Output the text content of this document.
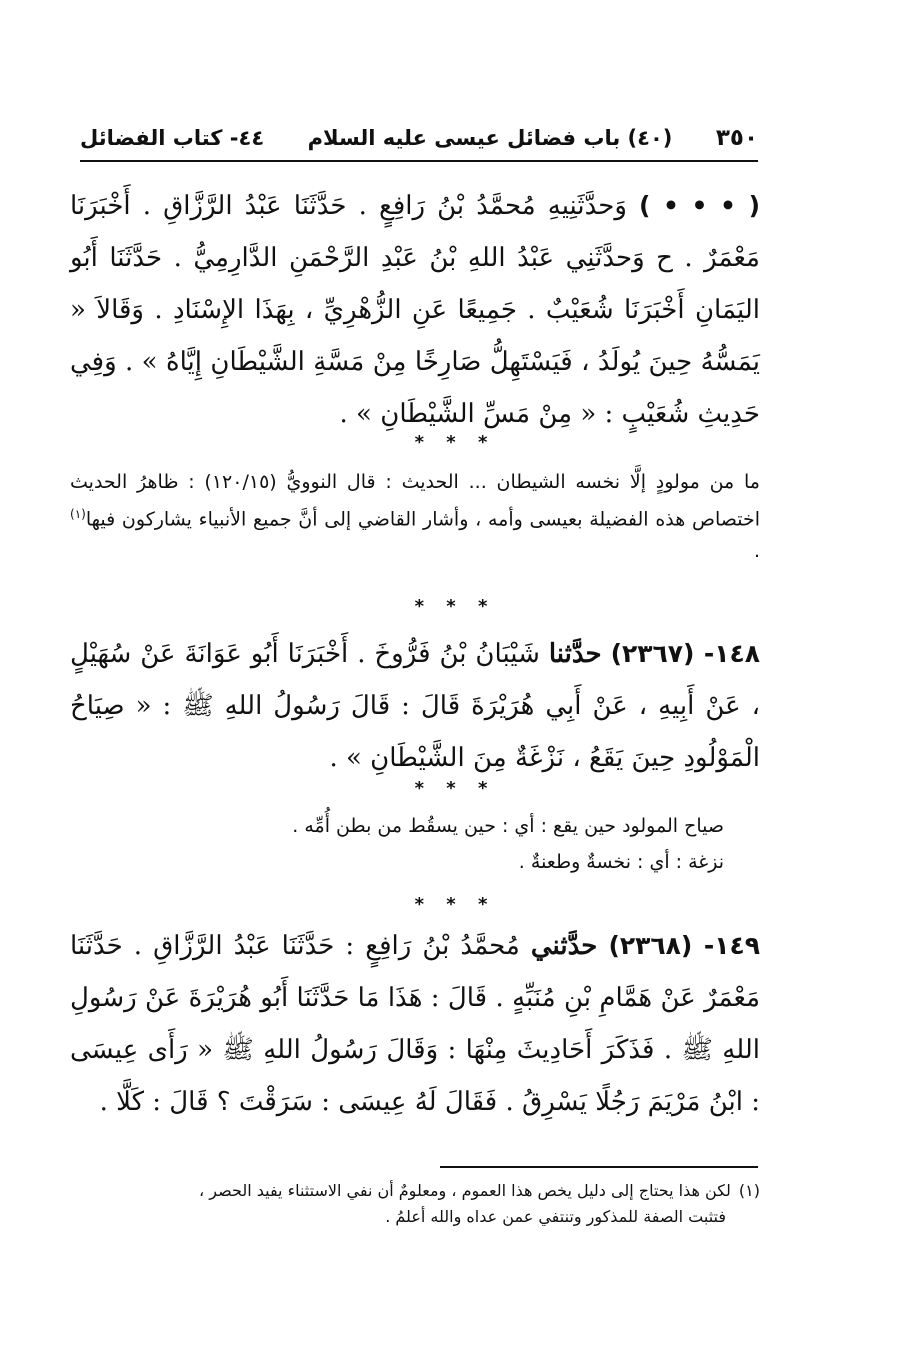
٣٥٠
(٤٠) باب فضائل عيسى عليه السلام
٤٤- كتاب الفضائل
( • • • ) وَحدَّثَنِيهِ مُحمَّدُ بْنُ رَافِعٍ . حَدَّثَنَا عَبْدُ الرَّزَّاقِ . أَخْبَرَنَا مَعْمَرٌ . ح وَحدَّثَنِي عَبْدُ اللهِ بْنُ عَبْدِ الرَّحْمَنِ الدَّارِمِيُّ . حَدَّثَنَا أَبُو اليَمَانِ أَخْبَرَنَا شُعَيْبٌ . جَمِيعًا عَنِ الزُّهْرِيِّ ، بِهَذَا الإِسْنَادِ . وَقَالاَ « يَمَسُّهُ حِينَ يُولَدُ ، فَيَسْتَهِلُّ صَارِخًا مِنْ مَسَّةِ الشَّيْطَانِ إِيَّاهُ » . وَفِي حَدِيثِ شُعَيْبٍ : « مِنْ مَسِّ الشَّيْطَانِ » .
* * *
ما من مولودٍ إلَّا نخسه الشيطان ... الحديث : قال النوويُّ (١٢٠/١٥) : ظاهرُ الحديث اختصاص هذه الفضيلة بعيسى وأمه ، وأشار القاضي إلى أنَّ جميع الأنبياء يشاركون فيها$^{(١)}$ .
* * *
١٤٨- (٢٣٦٧) حدَّثنا شَيْبَانُ بْنُ فَرُّوخَ . أَخْبَرَنَا أَبُو عَوَانَةَ عَنْ سُهَيْلٍ ، عَنْ أَبِيهِ ، عَنْ أَبِي هُرَيْرَةَ قَالَ : قَالَ رَسُولُ اللهِ ﷺ : « صِيَاحُ الْمَوْلُودِ حِينَ يَقَعُ ، نَزْغَةٌ مِنَ الشَّيْطَانِ » .
* * *
صياح المولود حين يقع : أي : حين يسقُط من بطن أُمِّه .
نزغة : أي : نخسةٌ وطعنةٌ .
* * *
١٤٩- (٢٣٦٨) حدَّثني مُحمَّدُ بْنُ رَافِعٍ : حَدَّثَنَا عَبْدُ الرَّزَّاقِ . حَدَّثَنَا مَعْمَرٌ عَنْ هَمَّامِ بْنِ مُنَبِّهٍ . قَالَ : هَذَا مَا حَدَّثَنَا أَبُو هُرَيْرَةَ عَنْ رَسُولِ اللهِ ﷺ . فَذَكَرَ أَحَادِيثَ مِنْهَا : وَقَالَ رَسُولُ اللهِ ﷺ « رَأَى عِيسَى : ابْنُ مَرْيَمَ رَجُلًا يَسْرِقُ . فَقَالَ لَهُ عِيسَى : سَرَقْتَ ؟ قَالَ : كَلَّا .
(١)لكن هذا يحتاج إلى دليل يخص هذا العموم ، ومعلومٌ أن نفي الاستثناء يفيد الحصر ،
فتثبت الصفة للمذكور وتنتفي عمن عداه والله أعلمُ .
